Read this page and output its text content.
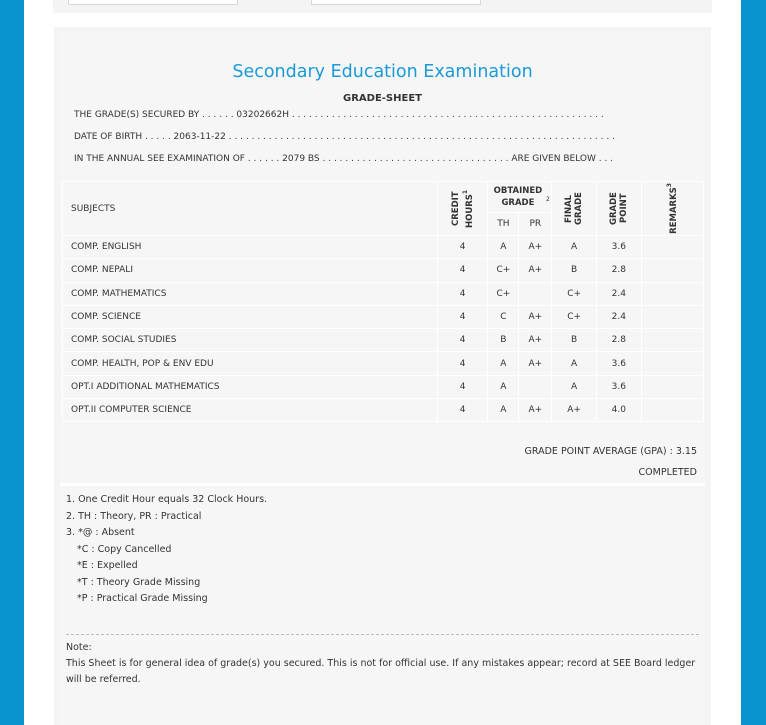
Secondary Education Examination
GRADE-SHEET
THE GRADE(S) SECURED BY . . . . . . 03202662H . . . . . . . . . . . . . . . . . . . . . . . . . . . . . . . . . . . . . . . . . . . . . . . . . . . . . . .
DATE OF BIRTH . . . . . 2063-11-22 . . . . . . . . . . . . . . . . . . . . . . . . . . . . . . . . . . . . . . . . . . . . . . . . . . . . . . . . . . . . . . . . . . . .
IN THE ANNUAL SEE EXAMINATION OF . . . . . . 2079 BS . . . . . . . . . . . . . . . . . . . . . . . . . . . . . . . . . ARE GIVEN BELOW . . .
SUBJECTS	CREDIT HOURS$^1$	OBTAINED GRADE $^2$		FINAL GRADE	GRADE POINT	REMARKS$^3$

		TH	PR			
COMP. ENGLISH	4	A	A+	A	3.6	
COMP. NEPALI	4	C+	A+	B	2.8	
COMP. MATHEMATICS	4	C+		C+	2.4	
COMP. SCIENCE	4	C	A+	C+	2.4	
COMP. SOCIAL STUDIES	4	B	A+	B	2.8	
COMP. HEALTH, POP & ENV EDU	4	A	A+	A	3.6	
OPT.I ADDITIONAL MATHEMATICS	4	A		A	3.6	
OPT.II COMPUTER SCIENCE	4	A	A+	A+	4.0	
GRADE POINT AVERAGE (GPA) : 3.15
COMPLETED
1. One Credit Hour equals 32 Clock Hours.
2. TH : Theory, PR : Practical
3. *@ : Absent
*C : Copy Cancelled
*E : Expelled
*T : Theory Grade Missing
*P : Practical Grade Missing
Note:
This Sheet is for general idea of grade(s) you secured. This is not for official use. If any mistakes appear; record at SEE Board ledger will be referred.
